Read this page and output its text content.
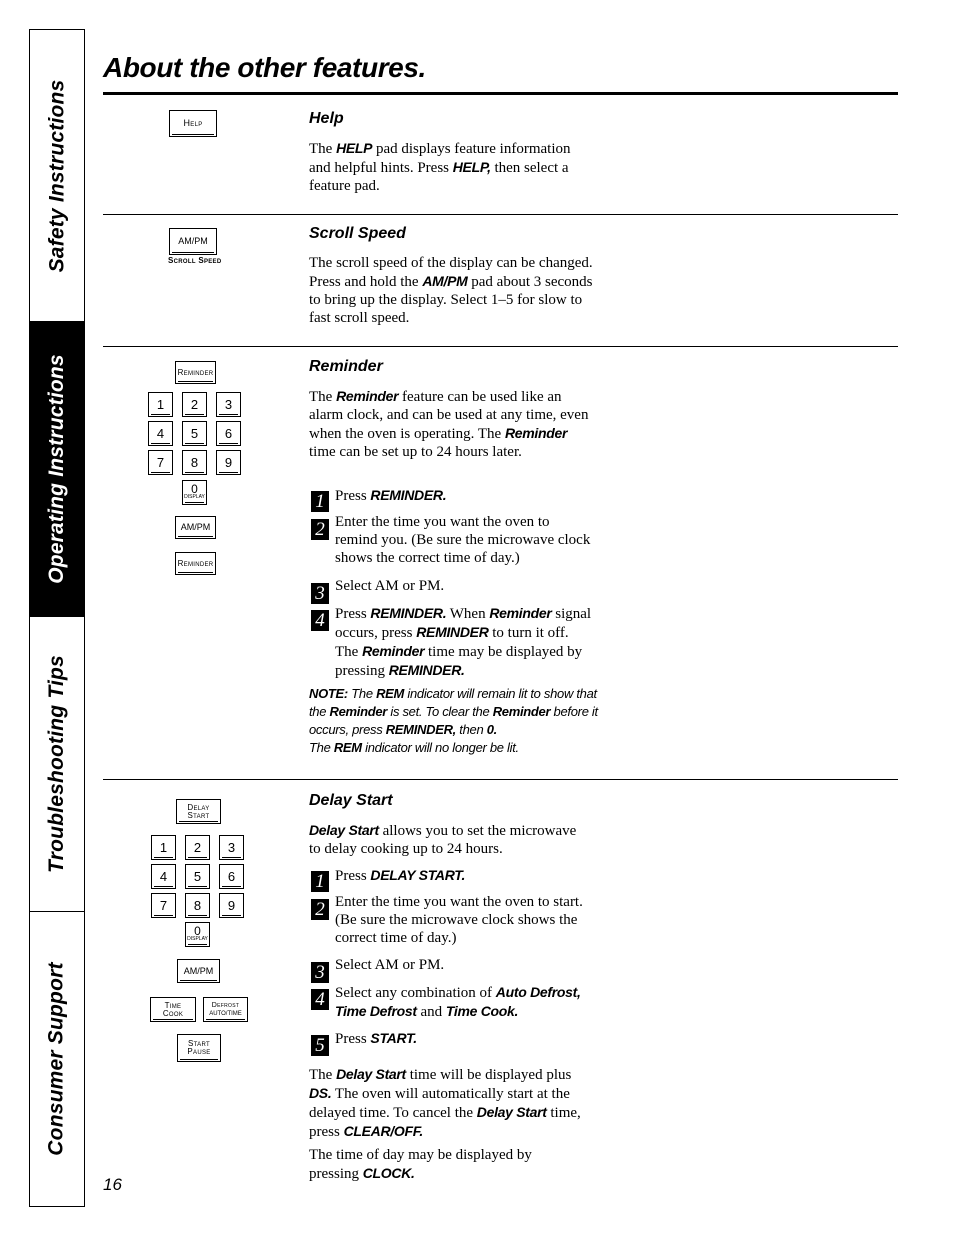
Safety Instructions
Operating Instructions
Troubleshooting Tips
Consumer Support
About the other features.
Help	Help
The HELP pad displays feature information and helpful hints. Press HELP, then select a feature pad.
AM/PM
Scroll Speed
Scroll Speed
The scroll speed of the display can be changed. Press and hold the AM/PM pad about 3 seconds to bring up the display. Select 1–5 for slow to fast scroll speed.
Reminder
1 2 3
4 5 6
7 8 9
0
DISPLAY
AM/PM
Reminder
Reminder
The Reminder feature can be used like an alarm clock, and can be used at any time, even when the oven is operating. The Reminder time can be set up to 24 hours later.
1 Press REMINDER.
2 Enter the time you want the oven to remind you. (Be sure the microwave clock shows the correct time of day.)
3 Select AM or PM.
4 Press REMINDER. When Reminder signal occurs, press REMINDER to turn it off. The Reminder time may be displayed by pressing REMINDER.
NOTE: The REM indicator will remain lit to show that the Reminder is set. To clear the Reminder before it occurs, press REMINDER, then 0.
The REM indicator will no longer be lit.
Delay
Start
1 2 3
4 5 6
7 8 9
0
DISPLAY
AM/PM
Time
Cook
Defrost
AUTO/TIME
Start
Pause
Delay Start
Delay Start allows you to set the microwave to delay cooking up to 24 hours.
1 Press DELAY START.
2 Enter the time you want the oven to start. (Be sure the microwave clock shows the correct time of day.)
3 Select AM or PM.
4 Select any combination of Auto Defrost,
Time Defrost and Time Cook.
5 Press START.
The Delay Start time will be displayed plus DS. The oven will automatically start at the delayed time. To cancel the Delay Start time, press CLEAR/OFF.
The time of day may be displayed by pressing CLOCK.
16
